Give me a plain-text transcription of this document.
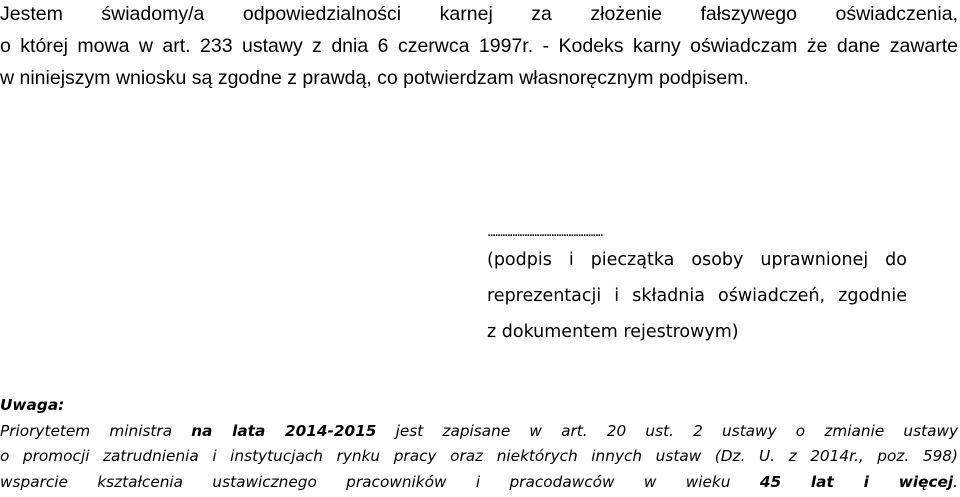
Jestem świadomy/a odpowiedzialności karnej za złożenie fałszywego oświadczenia,
o której mowa w art. 233 ustawy z dnia 6 czerwca 1997r. - Kodeks karny oświadczam że dane zawarte
w niniejszym wniosku są zgodne z prawdą, co potwierdzam własnoręcznym podpisem.
...............................................
(podpis i pieczątka osoby uprawnionej do
reprezentacji i składnia oświadczeń, zgodnie
z dokumentem rejestrowym)
Uwaga:
Priorytetem ministra na lata 2014-2015 jest zapisane w art. 20 ust. 2 ustawy o zmianie ustawy
o promocji zatrudnienia i instytucjach rynku pracy oraz niektórych innych ustaw (Dz. U. z 2014r., poz. 598)
wsparcie kształcenia ustawicznego pracowników i pracodawców w wieku 45 lat i więcej.
